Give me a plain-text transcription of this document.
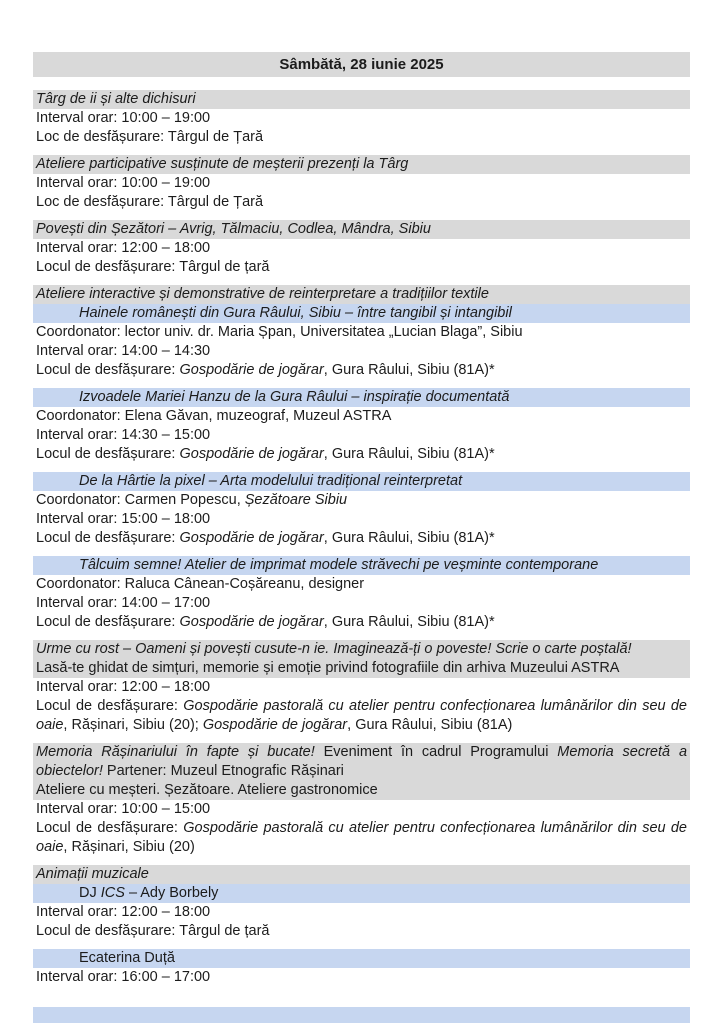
Sâmbătă, 28 iunie 2025
Târg de ii și alte dichisuri
Interval orar: 10:00 – 19:00
Loc de desfășurare: Târgul de Țară
Ateliere participative susținute de meșterii prezenți la Târg
Interval orar: 10:00 – 19:00
Loc de desfășurare: Târgul de Țară
Povești din Șezători – Avrig, Tălmaciu, Codlea, Mândra, Sibiu
Interval orar: 12:00 – 18:00
Locul de desfășurare: Târgul de țară
Ateliere interactive și demonstrative de reinterpretare a tradițiilor textile
Hainele românești din Gura Râului, Sibiu – între tangibil și intangibil
Coordonator: lector univ. dr. Maria Șpan, Universitatea „Lucian Blaga”, Sibiu
Interval orar: 14:00 – 14:30
Locul de desfășurare: Gospodărie de jogărar, Gura Râului, Sibiu (81A)*
Izvoadele Mariei Hanzu de la Gura Râului – inspirație documentată
Coordonator: Elena Găvan, muzeograf, Muzeul ASTRA
Interval orar: 14:30 – 15:00
Locul de desfășurare: Gospodărie de jogărar, Gura Râului, Sibiu (81A)*
De la Hârtie la pixel – Arta modelului tradițional reinterpretat
Coordonator: Carmen Popescu, Șezătoare Sibiu
Interval orar: 15:00 – 18:00
Locul de desfășurare: Gospodărie de jogărar, Gura Râului, Sibiu (81A)*
Tâlcuim semne! Atelier de imprimat modele străvechi pe veșminte contemporane
Coordonator: Raluca Cânean-Coșăreanu, designer
Interval orar: 14:00 – 17:00
Locul de desfășurare: Gospodărie de jogărar, Gura Râului, Sibiu (81A)*
Urme cu rost – Oameni și povești cusute-n ie. Imaginează-ți o poveste! Scrie o carte poștală!
Lasă-te ghidat de simțuri, memorie și emoție privind fotografiile din arhiva Muzeului ASTRA
Interval orar: 12:00 – 18:00
Locul de desfășurare: Gospodărie pastorală cu atelier pentru confecționarea lumânărilor din seu de oaie, Rășinari, Sibiu (20); Gospodărie de jogărar, Gura Râului, Sibiu (81A)
Memoria Rășinariului în fapte și bucate! Eveniment în cadrul Programului Memoria secretă a obiectelor! Partener: Muzeul Etnografic Rășinari
Ateliere cu meșteri. Șezătoare. Ateliere gastronomice
Interval orar: 10:00 – 15:00
Locul de desfășurare: Gospodărie pastorală cu atelier pentru confecționarea lumânărilor din seu de oaie, Rășinari, Sibiu (20)
Animații muzicale
DJ ICS – Ady Borbely
Interval orar: 12:00 – 18:00
Locul de desfășurare: Târgul de țară
Ecaterina Duță
Interval orar: 16:00 – 17:00
